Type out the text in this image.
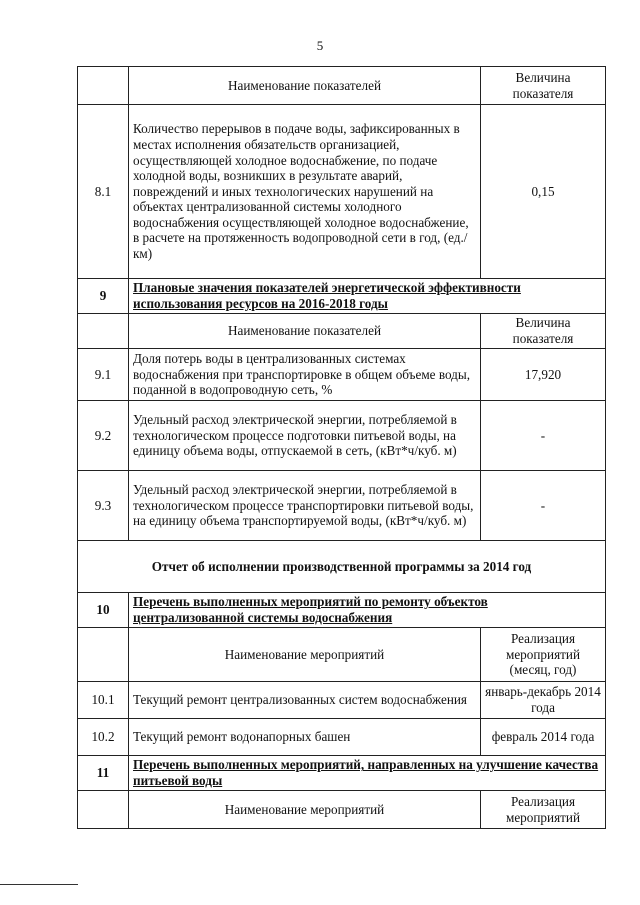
5
	Наименование показателей	Величина показателя
8.1	Количество перерывов в подаче воды, зафиксированных в местах исполнения обязательств организацией, осуществляющей холодное водоснабжение, по подаче холодной воды, возникших в результате аварий, повреждений и иных технологических нарушений на объектах централизованной системы холодного водоснабжения осуществляющей холодное водоснабжение, в расчете на протяженность водопроводной сети в год, (ед./км)	0,15
9	Плановые значения показателей энергетической эффективности использования ресурсов на 2016-2018 годы	
	Наименование показателей	Величина показателя
9.1	Доля потерь воды в централизованных системах водоснабжения при транспортировке в общем объеме воды, поданной в водопроводную сеть, %	17,920
9.2	Удельный расход электрической энергии, потребляемой в технологическом процессе подготовки питьевой воды, на единицу объема воды, отпускаемой в сеть, (кВт*ч/куб. м)	-
9.3	Удельный расход электрической энергии, потребляемой в технологическом процессе транспортировки питьевой воды, на единицу объема транспортируемой воды, (кВт*ч/куб. м)	-
Отчет об исполнении производственной программы за 2014 год		
10	Перечень выполненных мероприятий по ремонту объектов централизованной системы водоснабжения	
	Наименование мероприятий	Реализация мероприятий (месяц, год)
10.1	Текущий ремонт централизованных систем водоснабжения	январь-декабрь 2014 года
10.2	Текущий ремонт водонапорных башен	февраль 2014 года
11	Перечень выполненных мероприятий, направленных на улучшение качества питьевой воды	
	Наименование мероприятий	Реализация мероприятий
